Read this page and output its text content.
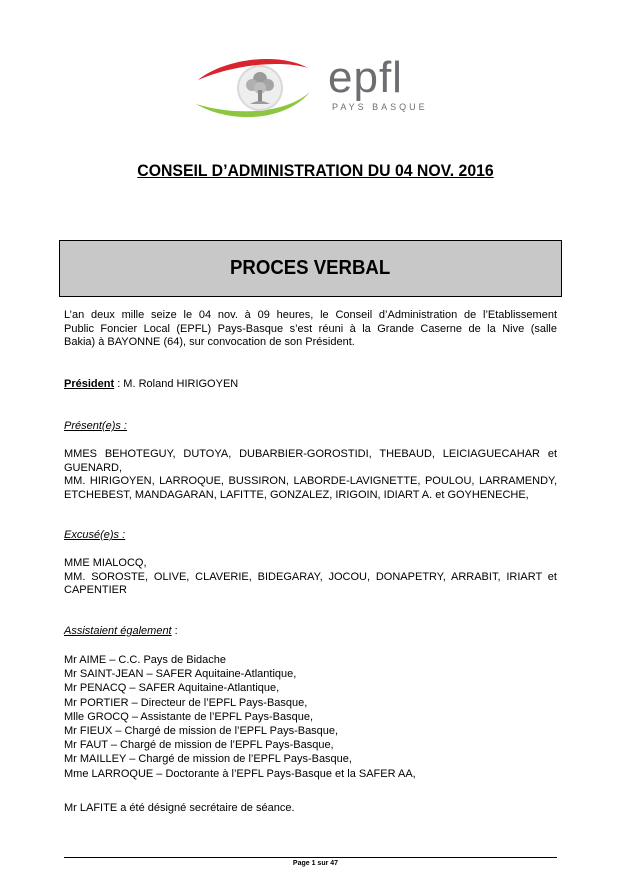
epfl
PAYS BASQUE
CONSEIL D’ADMINISTRATION DU 04 NOV. 2016
PROCES VERBAL
L’an deux mille seize le 04 nov. à 09 heures, le Conseil d’Administration de l’Etablissement
Public Foncier Local (EPFL) Pays-Basque s’est réuni à la Grande Caserne de la Nive (salle
Bakia) à BAYONNE (64), sur convocation de son Président.
Président : M. Roland HIRIGOYEN
Présent(e)s :
MMES BEHOTEGUY, DUTOYA, DUBARBIER-GOROSTIDI, THEBAUD, LEICIAGUECAHAR et
GUENARD,
MM. HIRIGOYEN, LARROQUE, BUSSIRON, LABORDE-LAVIGNETTE, POULOU, LARRAMENDY,
ETCHEBEST, MANDAGARAN, LAFITTE, GONZALEZ, IRIGOIN, IDIART A. et GOYHENECHE,
Excusé(e)s :
MME MIALOCQ,
MM. SOROSTE, OLIVE, CLAVERIE, BIDEGARAY, JOCOU, DONAPETRY, ARRABIT, IRIART et
CAPENTIER
Assistaient également :
Mr AIME – C.C. Pays de Bidache
Mr SAINT-JEAN – SAFER Aquitaine-Atlantique,
Mr PENACQ – SAFER Aquitaine-Atlantique,
Mr PORTIER – Directeur de l’EPFL Pays-Basque,
Mlle GROCQ – Assistante de l’EPFL Pays-Basque,
Mr FIEUX – Chargé de mission de l’EPFL Pays-Basque,
Mr FAUT – Chargé de mission de l’EPFL Pays-Basque,
Mr MAILLEY – Chargé de mission de l’EPFL Pays-Basque,
Mme LARROQUE – Doctorante à l’EPFL Pays-Basque et la SAFER AA,
Mr LAFITE a été désigné secrétaire de séance.
Page 1 sur 47
